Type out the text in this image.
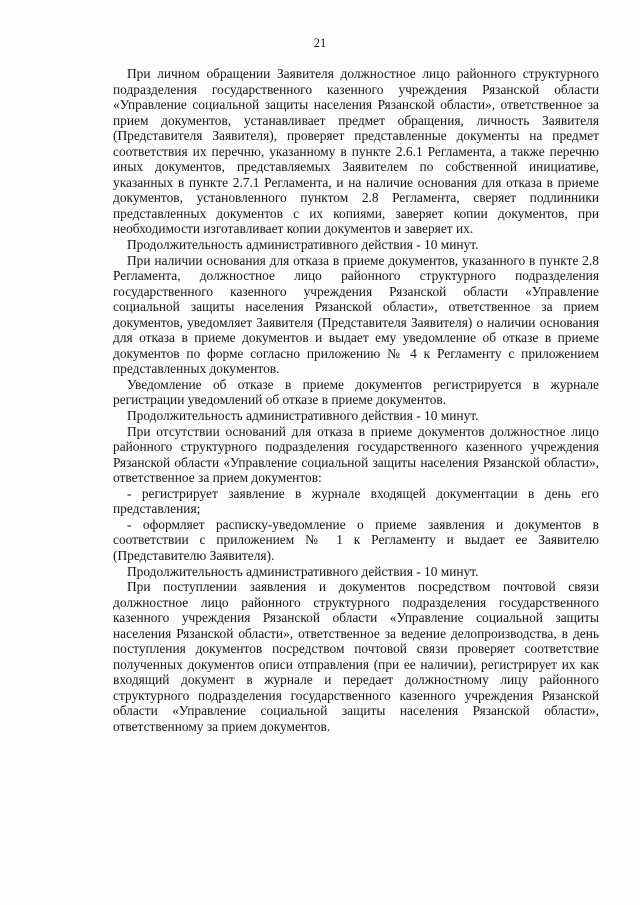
21

При личном обращении Заявителя должностное лицо районного структурного подразделения государственного казенного учреждения Рязанской области «Управление социальной защиты населения Рязанской области», ответственное за прием документов, устанавливает предмет обращения, личность Заявителя (Представителя Заявителя), проверяет представленные документы на предмет соответствия их перечню, указанному в пункте 2.6.1 Регламента, а также перечню иных документов, представляемых Заявителем по собственной инициативе, указанных в пункте 2.7.1 Регламента, и на наличие основания для отказа в приеме документов, установленного пунктом 2.8 Регламента, сверяет подлинники представленных документов с их копиями, заверяет копии документов, при необходимости изготавливает копии документов и заверяет их.

Продолжительность административного действия - 10 минут.

При наличии основания для отказа в приеме документов, указанного в пункте 2.8 Регламента, должностное лицо районного структурного подразделения государственного казенного учреждения Рязанской области «Управление социальной защиты населения Рязанской области», ответственное за прием документов, уведомляет Заявителя (Представителя Заявителя) о наличии основания для отказа в приеме документов и выдает ему уведомление об отказе в приеме документов по форме согласно приложению № 4 к Регламенту с приложением представленных документов.

Уведомление об отказе в приеме документов регистрируется в журнале регистрации уведомлений об отказе в приеме документов.

Продолжительность административного действия - 10 минут.

При отсутствии оснований для отказа в приеме документов должностное лицо районного структурного подразделения государственного казенного учреждения Рязанской области «Управление социальной защиты населения Рязанской области», ответственное за прием документов:

- регистрирует заявление в журнале входящей документации в день его представления;

- оформляет расписку-уведомление о приеме заявления и документов в соответствии с приложением № 1 к Регламенту и выдает ее Заявителю (Представителю Заявителя).

Продолжительность административного действия - 10 минут.

При поступлении заявления и документов посредством почтовой связи должностное лицо районного структурного подразделения государственного казенного учреждения Рязанской области «Управление социальной защиты населения Рязанской области», ответственное за ведение делопроизводства, в день поступления документов посредством почтовой связи проверяет соответствие полученных документов описи отправления (при ее наличии), регистрирует их как входящий документ в журнале и передает должностному лицу районного структурного подразделения государственного казенного учреждения Рязанской области «Управление социальной защиты населения Рязанской области», ответственному за прием документов.
